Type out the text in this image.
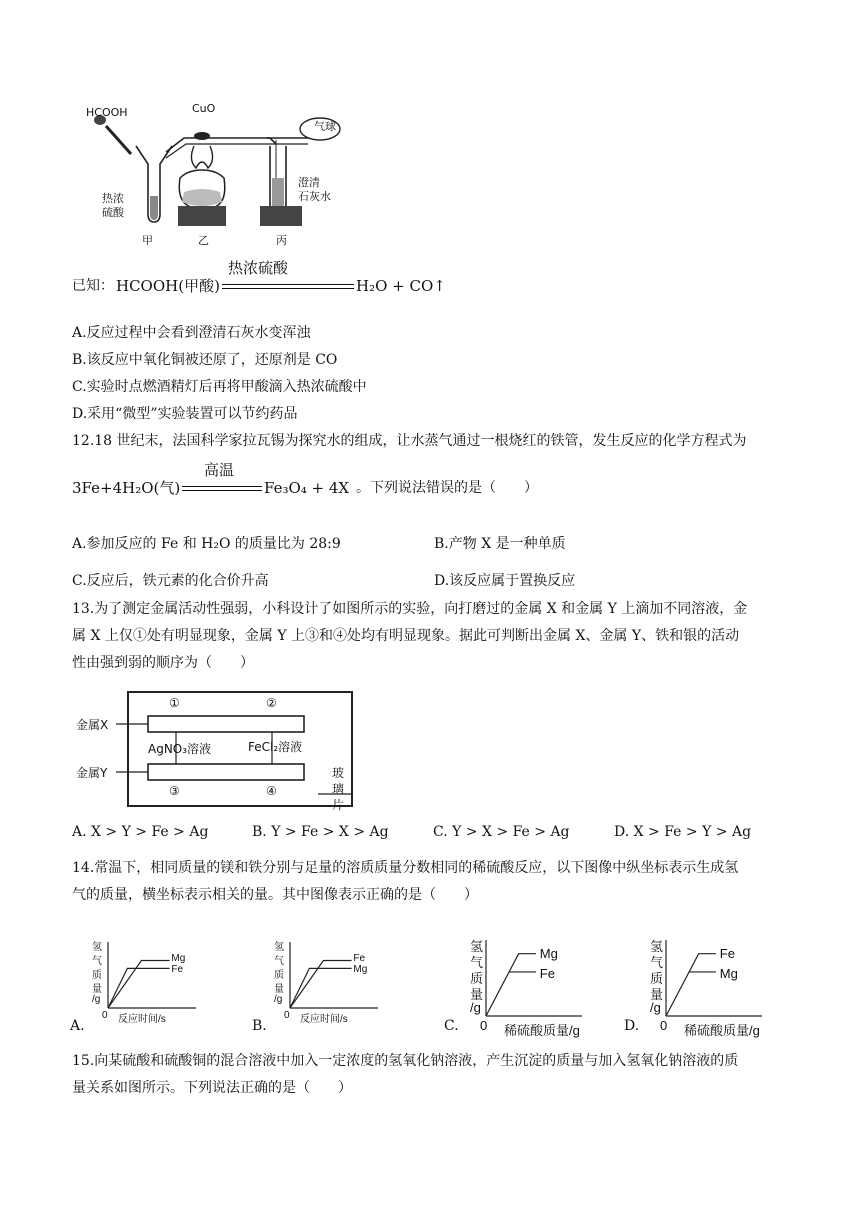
HCOOH	CuO
气球
热浓
硫酸
澄清
石灰水
甲	乙	丙
已知： HCOOH(甲酸)
热浓硫酸
H₂O + CO↑
A.反应过程中会看到澄清石灰水变浑浊
B.该反应中氧化铜被还原了，还原剂是 CO
C.实验时点燃酒精灯后再将甲酸滴入热浓硫酸中
D.采用“微型”实验装置可以节约药品
12.18 世纪末，法国科学家拉瓦锡为探究水的组成，让水蒸气通过一根烧红的铁管，发生反应的化学方程式为
3Fe+4H₂O(气)
高温
Fe₃O₄ + 4X 。下列说法错误的是（　　）
A.参加反应的 Fe 和 H₂O 的质量比为 28:9	B.产物 X 是一种单质
C.反应后，铁元素的化合价升高	D.该反应属于置换反应
13.为了测定金属活动性强弱，小科设计了如图所示的实验，向打磨过的金属 X 和金属 Y 上滴加不同溶液，金
属 X 上仅①处有明显现象，金属 Y 上③和④处均有明显现象。据此可判断出金属 X、金属 Y、铁和银的活动
性由强到弱的顺序为（　　）
金属X
金属Y
①	②
AgNO₃溶液	FeCl₂溶液
③	④
玻
璃
片
A. X > Y > Fe > Ag	B. Y > Fe > X > Ag	C. Y > X > Fe > Ag	D. X > Fe > Y > Ag
14.常温下，相同质量的镁和铁分别与足量的溶质质量分数相同的稀硫酸反应，以下图像中纵坐标表示生成氢
气的质量，横坐标表示相关的量。其中图像表示正确的是（　　）
氢
气
质
量
/g
0 反应时间/s
Mg
Fe
A.
氢
气
质
量
/g
0 反应时间/s
Fe
Mg
B.
氢
气
质
量
/g
0 稀硫酸质量/g
Mg
Fe
C.
氢
气
质
量
/g
0 稀硫酸质量/g
Fe
Mg
D.
15.向某硫酸和硫酸铜的混合溶液中加入一定浓度的氢氧化钠溶液，产生沉淀的质量与加入氢氧化钠溶液的质
量关系如图所示。下列说法正确的是（　　）
